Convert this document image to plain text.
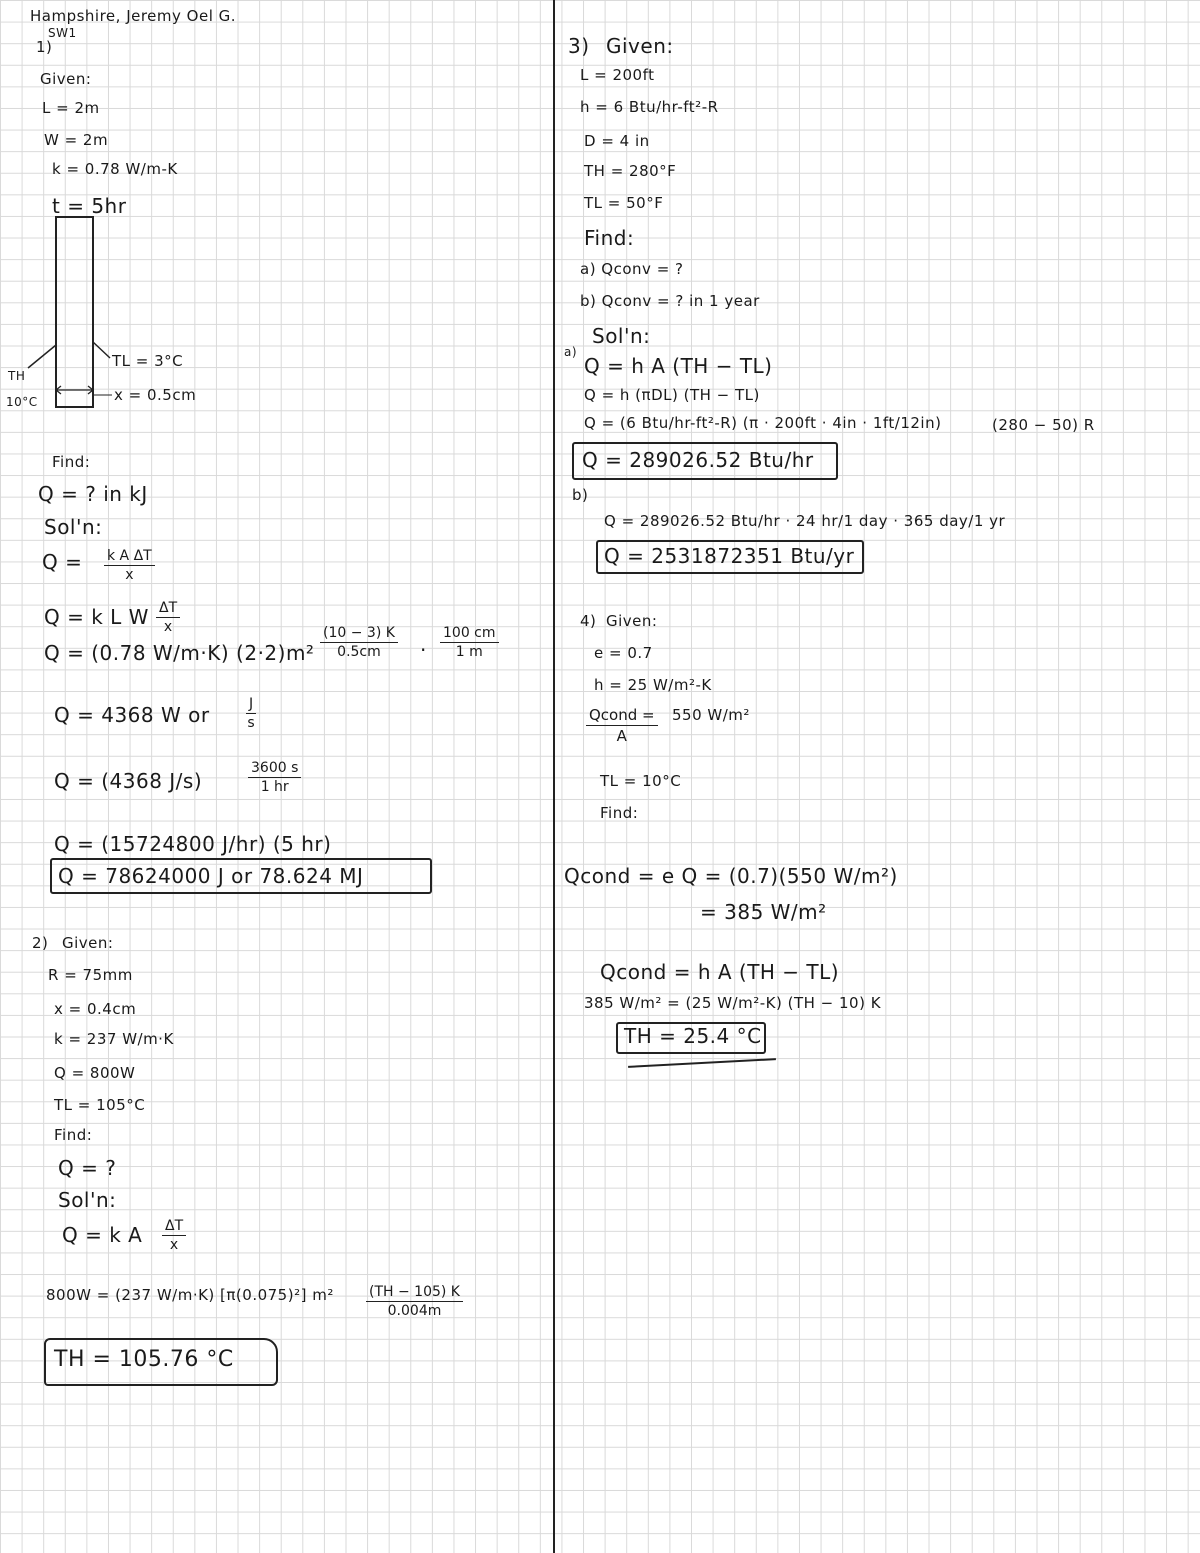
Hampshire, Jeremy Oel G.
SW1
1)
Given:
L = 2m
W = 2m
k = 0.78 W/m-K
t = 5hr
TH
10°C
TL = 3°C
x = 0.5cm
Find:
Q = ? in kJ
Sol'n:
$Q = \frac{\text{k A ΔT}}{x}$
Q = k L W $\frac{\Delta T}{x}$
Q = (0.78 W/m·K) $(2\cdot 2)m^2 \frac{(10 - 3) K}{0.5cm} \cdot \frac{100 cm}{1 m}$
Q = 4368 W or	$\frac{J}{s}$
Q = (4368 J/s)	$\frac{3600 s}{1 hr}$
Q = (15724800 J/hr) (5 hr)
Q = 78624000 J or 78.624 MJ
2) Given:
R = 75mm
x = 0.4cm
k = 237 W/m·K
Q = 800W
TL = 105°C
Find:
Q = ?
Sol'n:
Q = k A $\frac{\Delta T}{x}$
800W = (237 W/m·K) [π(0.075)²] $m^2 \frac{(TH - 105) K}{0.004m}$
TH = 105.76 °C
3) Given:
L = 200ft
h = 6 Btu/hr-ft²-R
D = 4 in
TH = 280°F
TL = 50°F
Find:
a) Qconv = ?
b) Qconv = ? in 1 year
Sol'n:
a)
Q = h A (TH − TL)
Q = h (πDL) (TH − TL)
Q = (6 Btu/hr-ft²-R) (π · 200ft · 4in · 1ft/12in)	(280 − 50) R
Q = 289026.52 Btu/hr
b)
Q = 289026.52 Btu/hr · 24 hr/1 day · 365 day/1 yr
Q = 2531872351 Btu/yr
4) Given:
e = 0.7
h = 25 W/m²-K
Qcond =
A
550 W/m²
TL = 10°C
Find:
Qcond = e Q = (0.7)(550 W/m²)
= 385 W/m²
Qcond = h A (TH − TL)
385 W/m² = (25 W/m²-K) (TH − 10) K
TH = 25.4 °C
